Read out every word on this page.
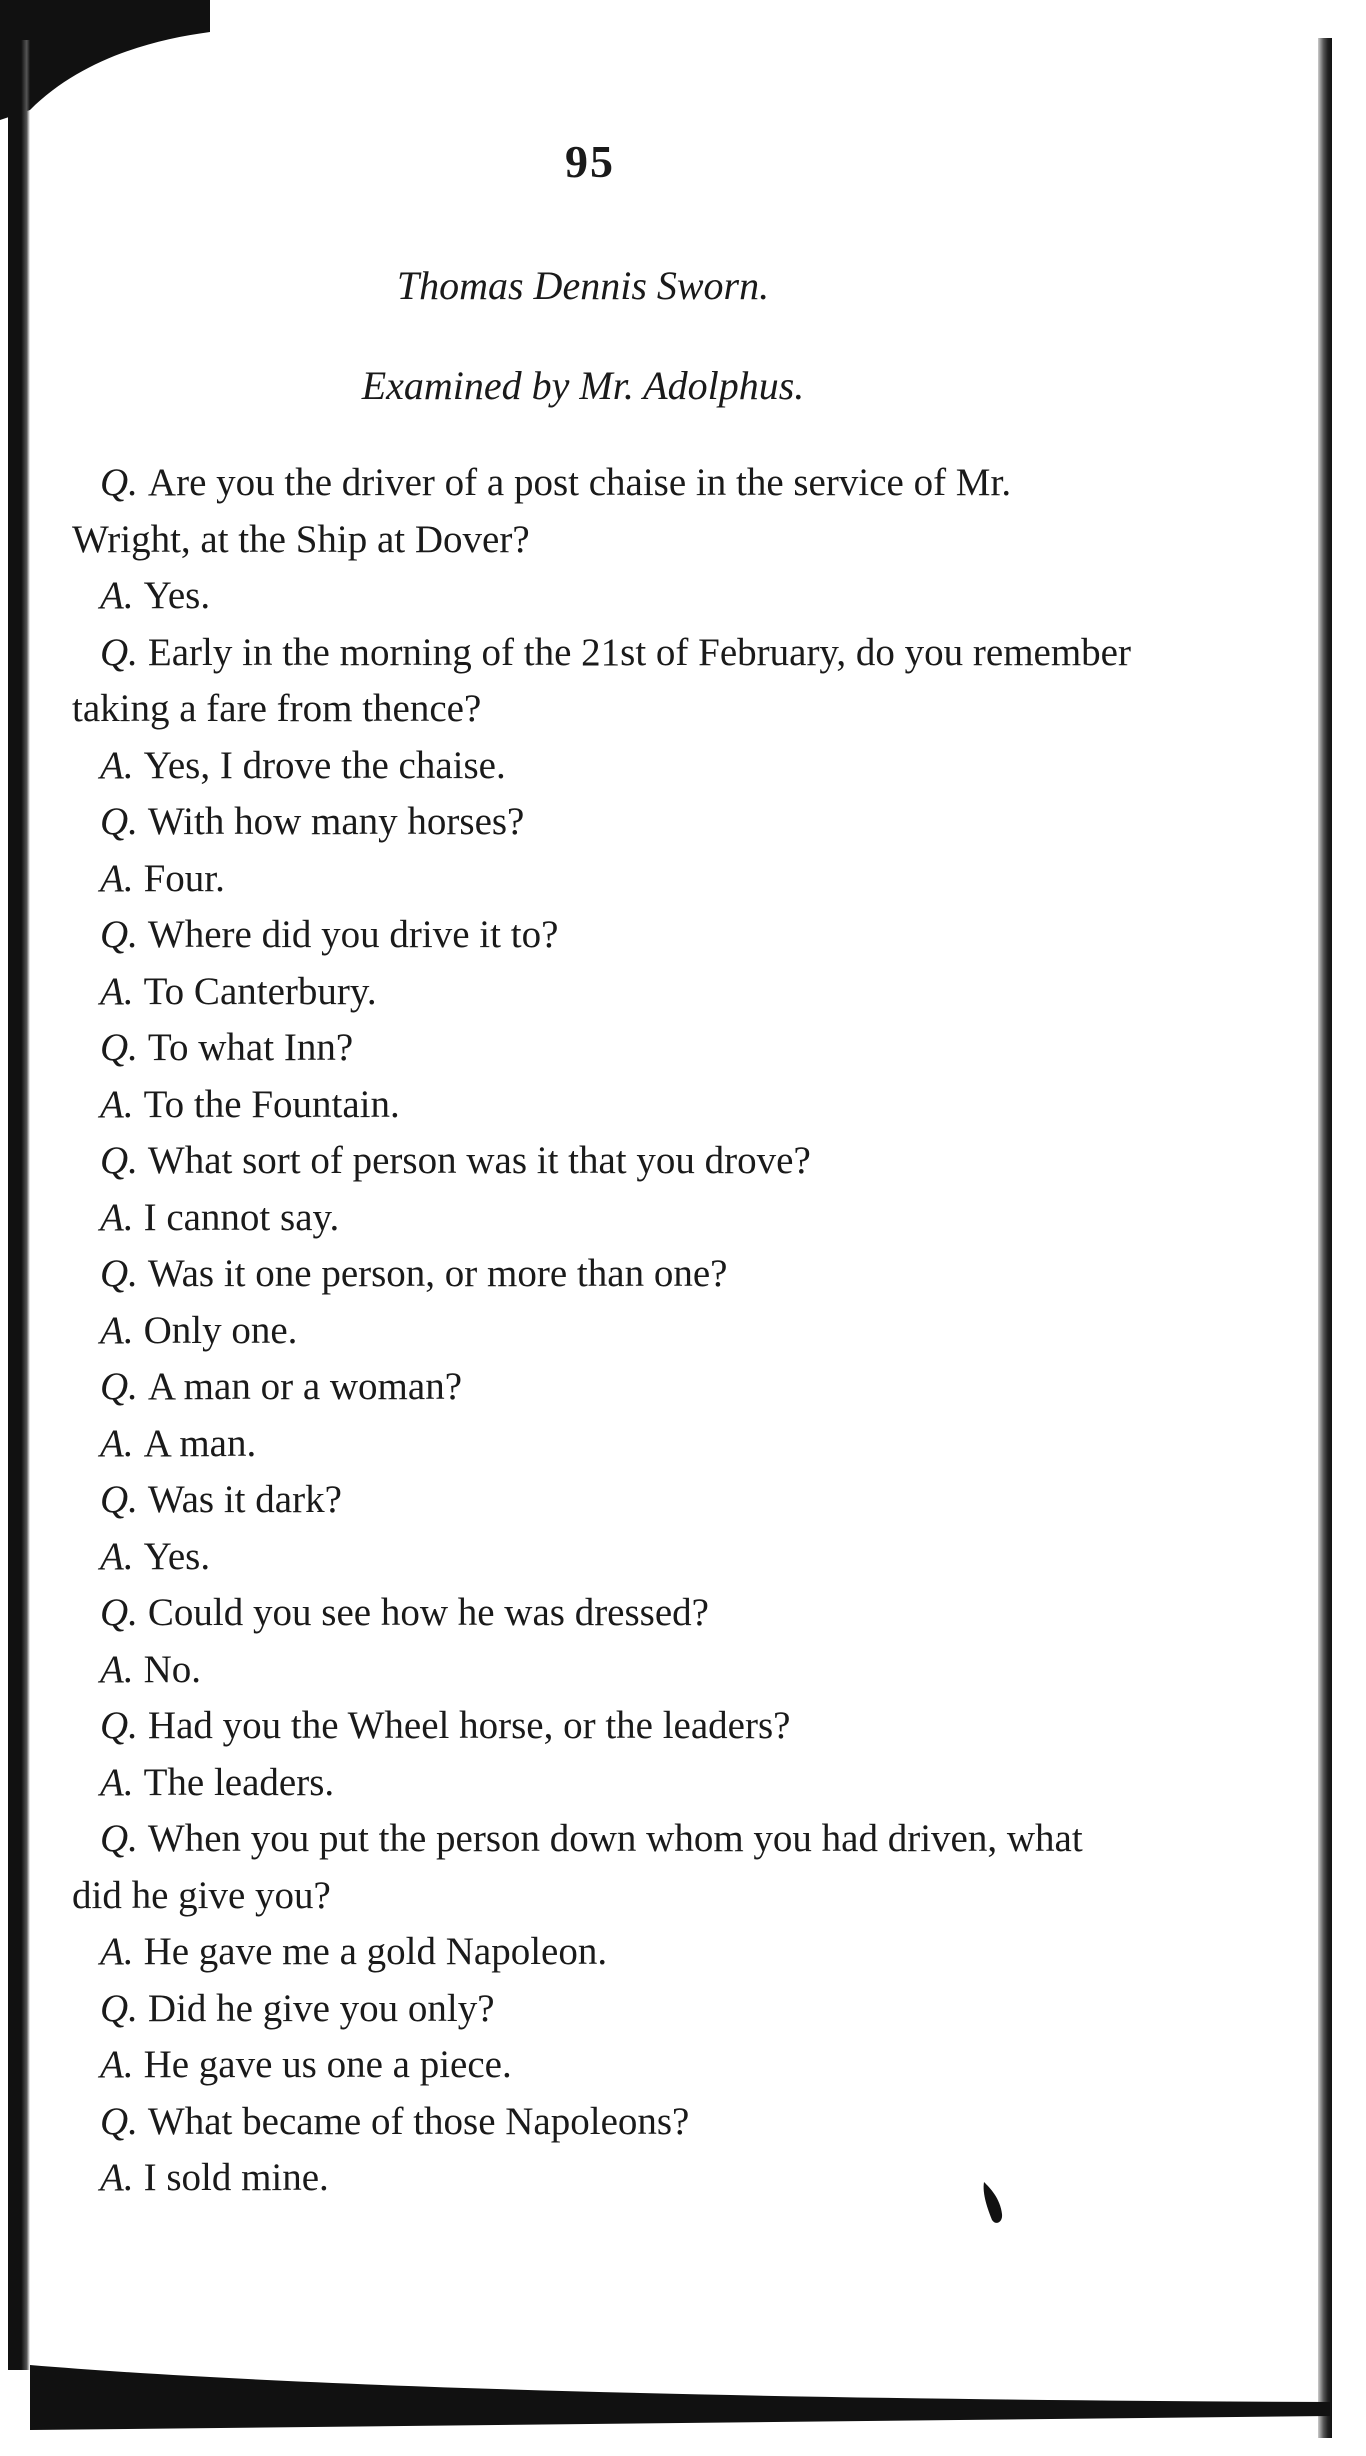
95
Thomas Dennis Sworn.
Examined by Mr. Adolphus.

Q. Are you the driver of a post chaise in the service of Mr. Wright, at the Ship at Dover?

A. Yes.

Q. Early in the morning of the 21st of February, do you remember taking a fare from thence?

A. Yes, I drove the chaise.

Q. With how many horses?

A. Four.

Q. Where did you drive it to?

A. To Canterbury.

Q. To what Inn?

A. To the Fountain.

Q. What sort of person was it that you drove?

A. I cannot say.

Q. Was it one person, or more than one?

A. Only one.

Q. A man or a woman?

A. A man.

Q. Was it dark?

A. Yes.

Q. Could you see how he was dressed?

A. No.

Q. Had you the Wheel horse, or the leaders?

A. The leaders.

Q. When you put the person down whom you had driven, what did he give you?

A. He gave me a gold Napoleon.

Q. Did he give you only?

A. He gave us one a piece.

Q. What became of those Napoleons?

A. I sold mine.
